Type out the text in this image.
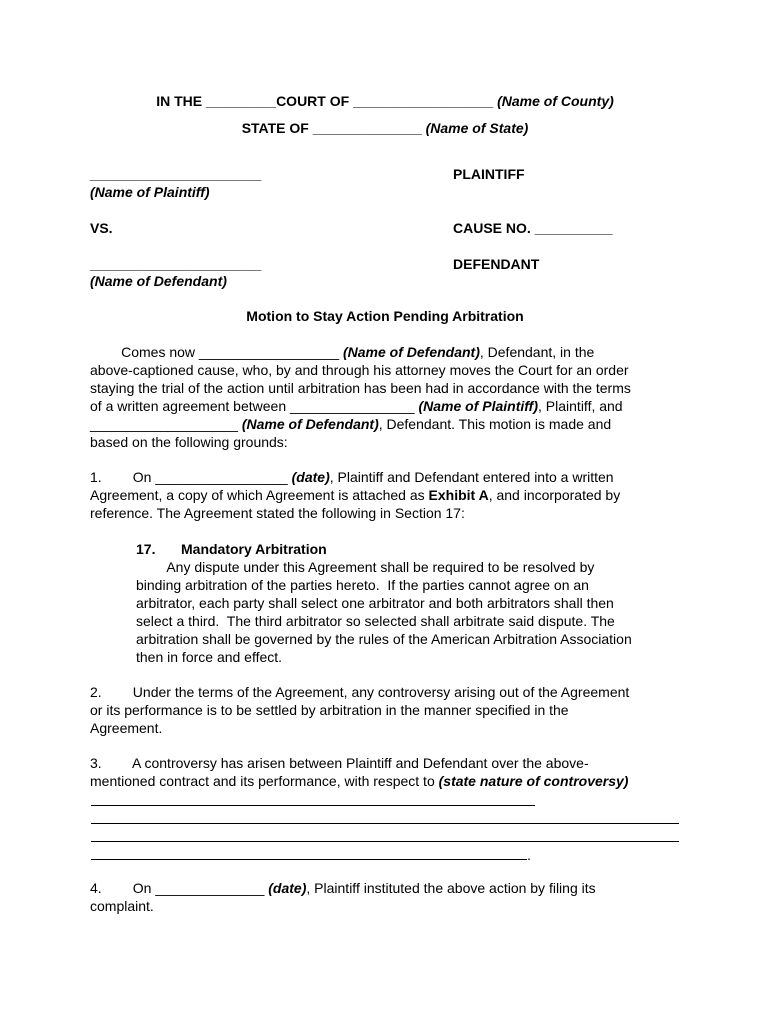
IN THE _________COURT OF __________________ (Name of County)
STATE OF ______________ (Name of State)
______________________
(Name of Plaintiff)
PLAINTIFF
VS.	CAUSE NO. __________
______________________
(Name of Defendant)
DEFENDANT
Motion to Stay Action Pending Arbitration
Comes now __________________ (Name of Defendant), Defendant, in the
above-captioned cause, who, by and through his attorney moves the Court for an order
staying the trial of the action until arbitration has been had in accordance with the terms
of a written agreement between ________________ (Name of Plaintiff), Plaintiff, and
___________________ (Name of Defendant), Defendant. This motion is made and
based on the following grounds:
1.        On _________________ (date), Plaintiff and Defendant entered into a written
Agreement, a copy of which Agreement is attached as Exhibit A, and incorporated by
reference. The Agreement stated the following in Section 17:
17. Mandatory Arbitration
Any dispute under this Agreement shall be required to be resolved by
binding arbitration of the parties hereto.  If the parties cannot agree on an
arbitrator, each party shall select one arbitrator and both arbitrators shall then
select a third.  The third arbitrator so selected shall arbitrate said dispute. The
arbitration shall be governed by the rules of the American Arbitration Association
then in force and effect.
2.        Under the terms of the Agreement, any controversy arising out of the Agreement
or its performance is to be settled by arbitration in the manner specified in the
Agreement.
3.        A controversy has arisen between Plaintiff and Defendant over the above-
mentioned contract and its performance, with respect to (state nature of controversy)
.
4.        On ______________ (date), Plaintiff instituted the above action by filing its
complaint.
